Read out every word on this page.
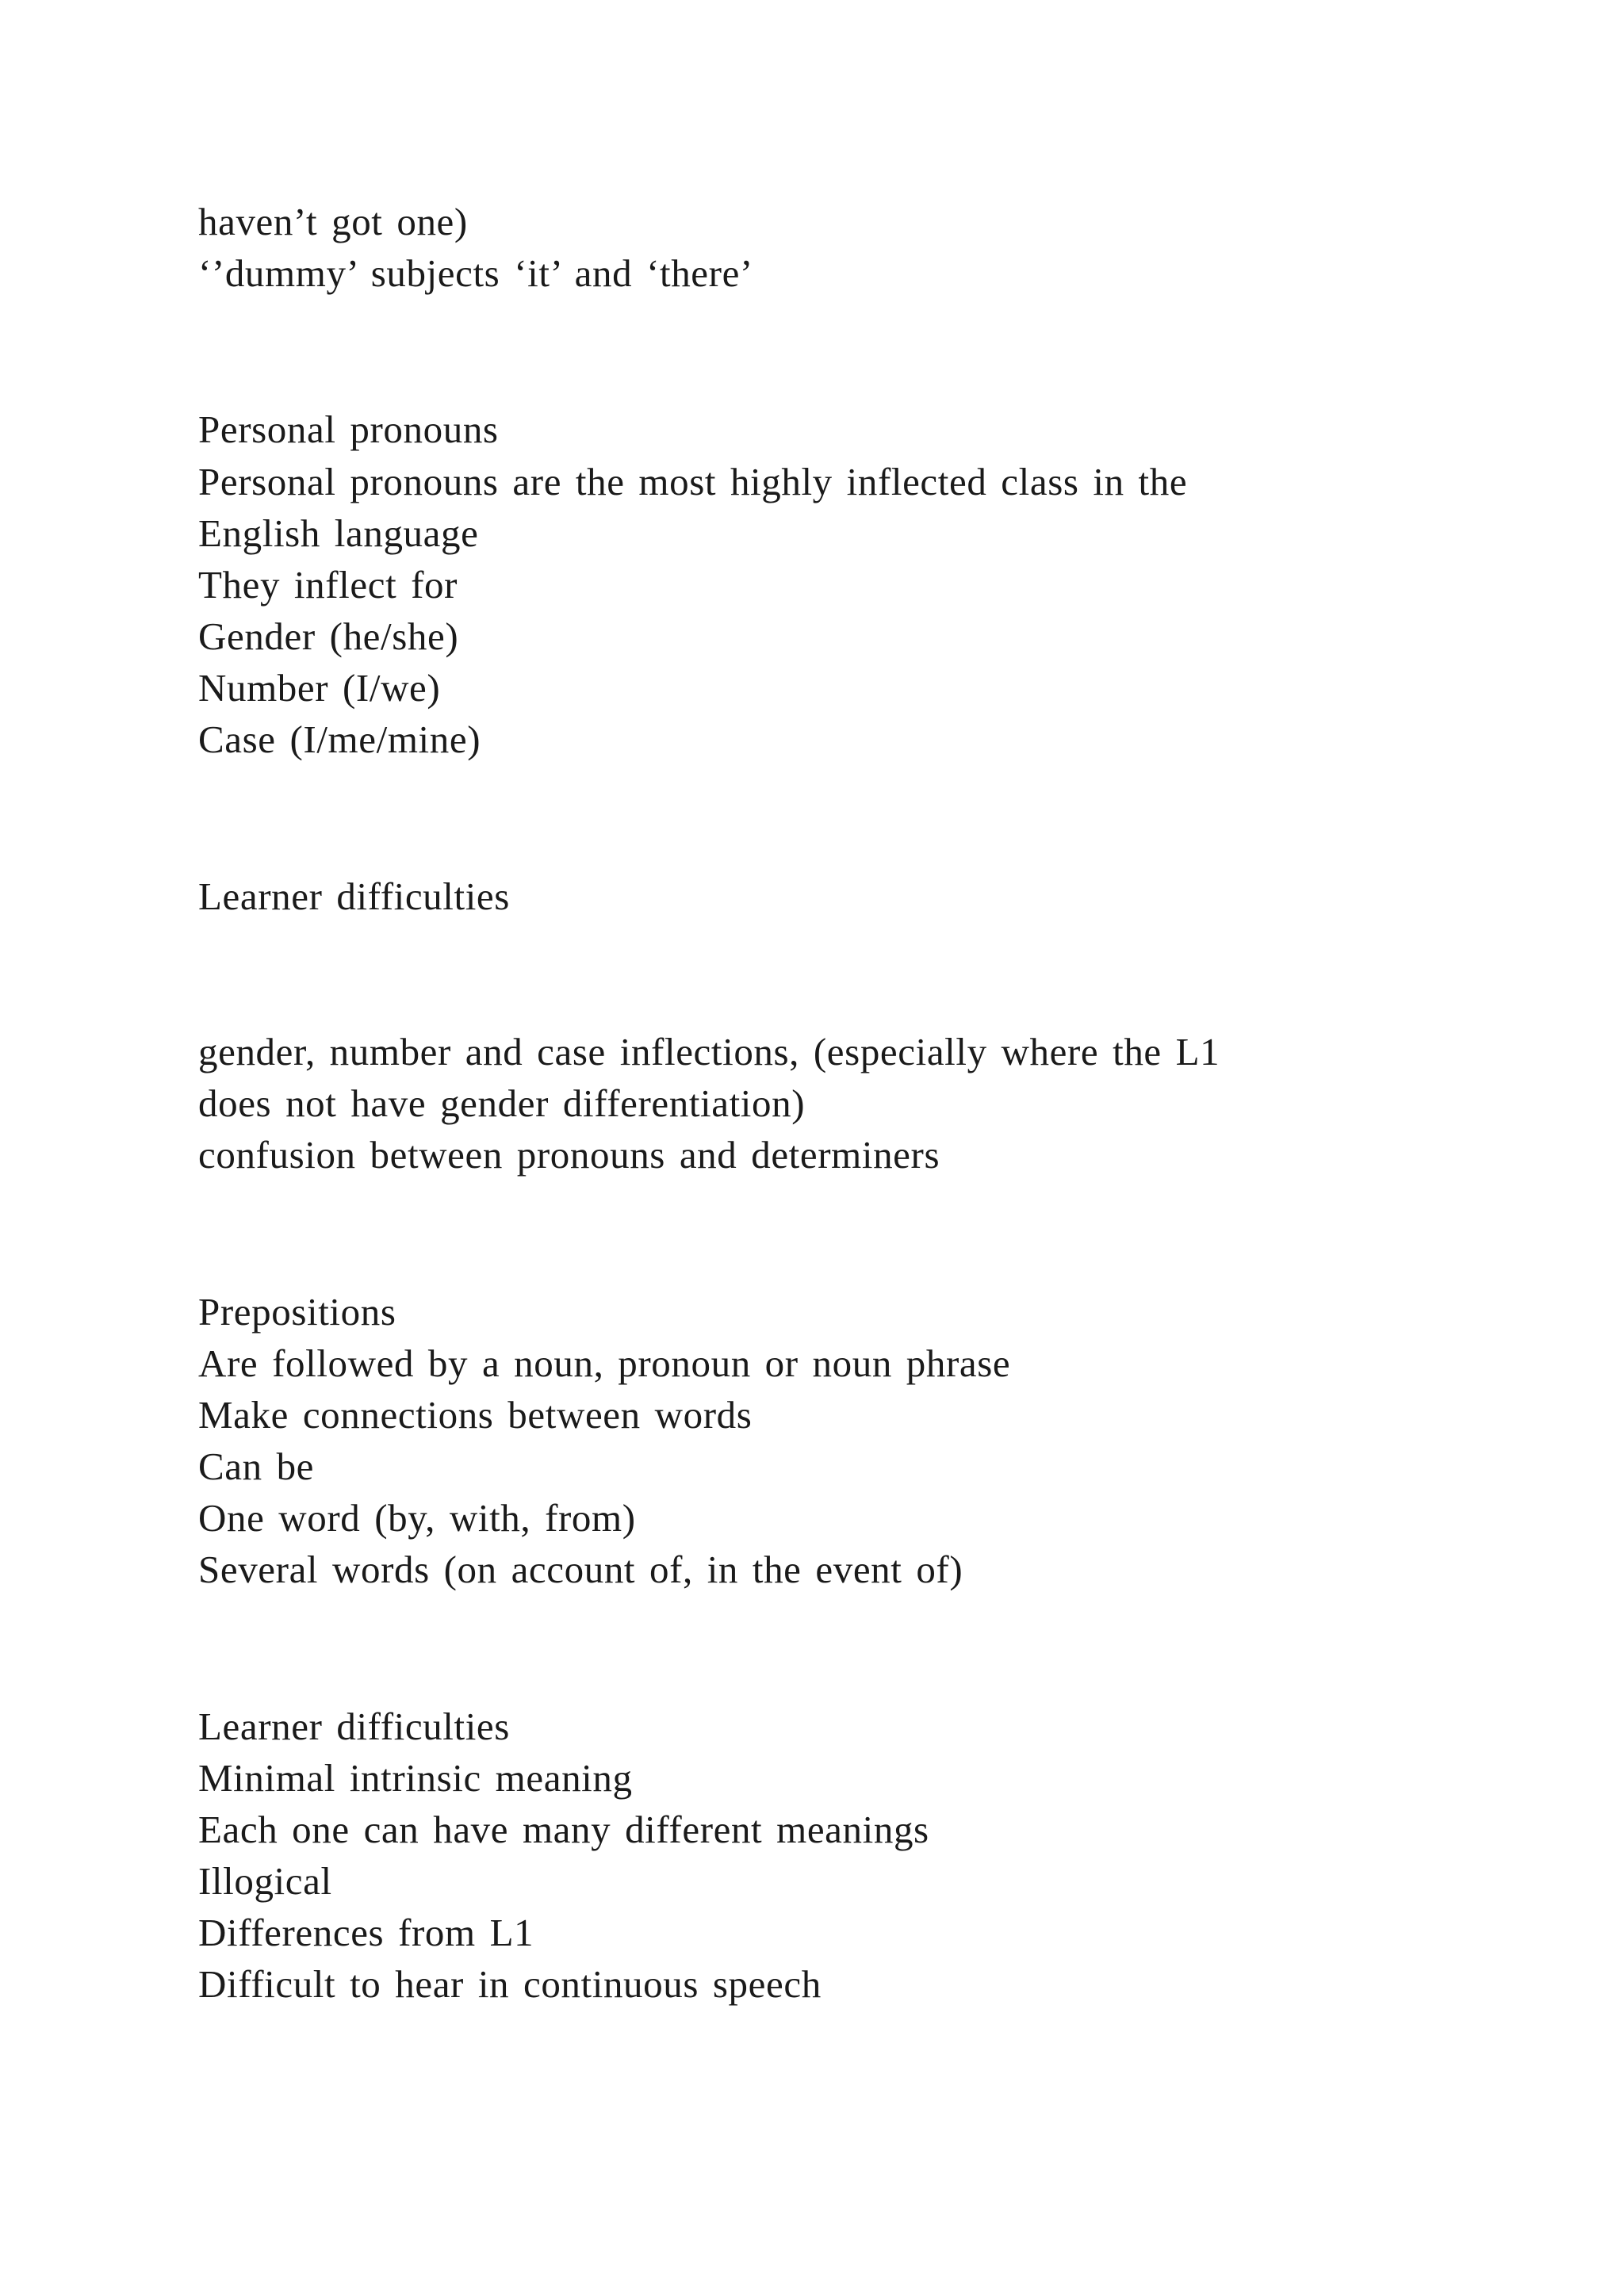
haven’t got one)
‘’dummy’ subjects ‘it’ and ‘there’
Personal pronouns
Personal pronouns are the most highly inflected class in the
English language
They inflect for
Gender (he/she)
Number (I/we)
Case (I/me/mine)
Learner difficulties
gender, number and case inflections, (especially where the L1
does not have gender differentiation)
confusion between pronouns and determiners
Prepositions
Are followed by a noun, pronoun or noun phrase
Make connections between words
Can be
One word (by, with, from)
Several words (on account of, in the event of)
Learner difficulties
Minimal intrinsic meaning
Each one can have many different meanings
Illogical
Differences from L1
Difficult to hear in continuous speech
